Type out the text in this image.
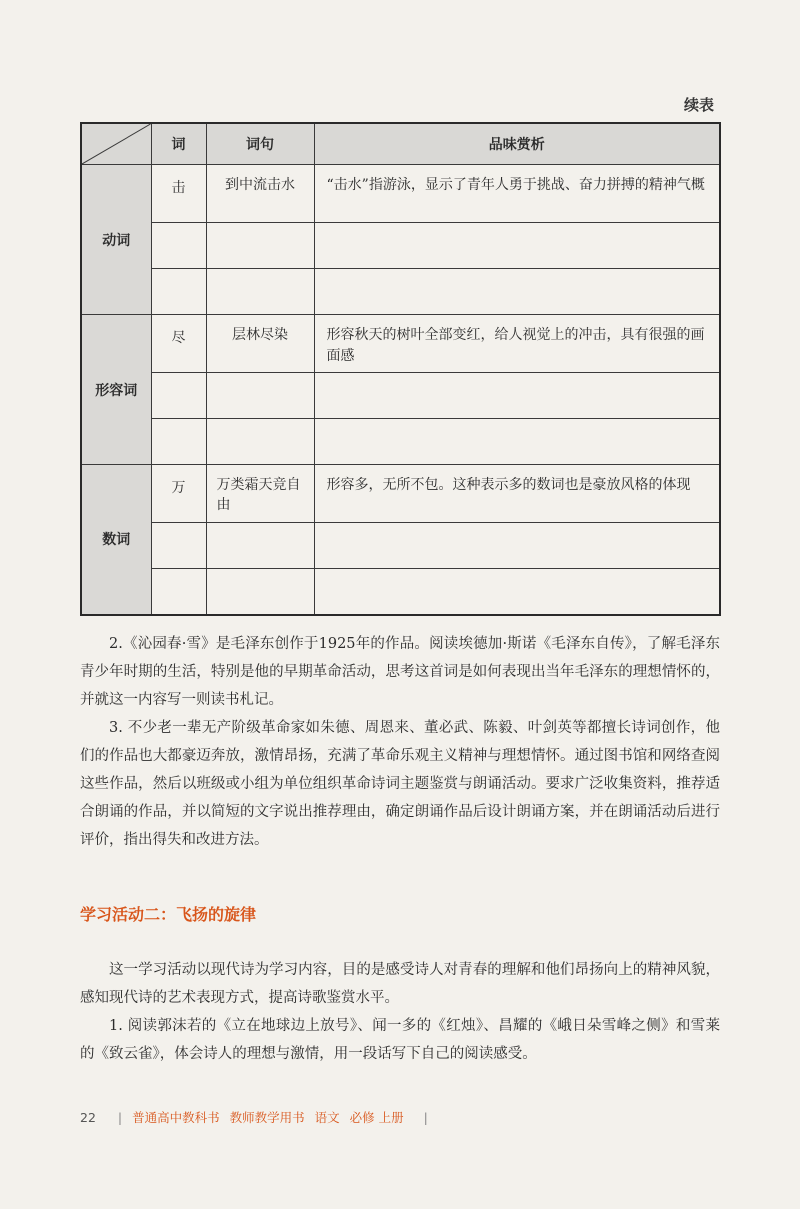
续表
	词	词句	品味赏析
动词	击	到中流击水	“击水”指游泳，显示了青年人勇于挑战、奋力拼搏的精神气概

形容词	尽	层林尽染	形容秋天的树叶全部变红，给人视觉上的冲击，具有很强的画面感

数词	万	万类霜天竞自由	形容多，无所不包。这种表示多的数词也是豪放风格的体现

2.《沁园春·雪》是毛泽东创作于1925年的作品。阅读埃德加·斯诺《毛泽东自传》，了解毛泽东青少年时期的生活，特别是他的早期革命活动，思考这首词是如何表现出当年毛泽东的理想情怀的，并就这一内容写一则读书札记。

3. 不少老一辈无产阶级革命家如朱德、周恩来、董必武、陈毅、叶剑英等都擅长诗词创作，他们的作品也大都豪迈奔放，激情昂扬，充满了革命乐观主义精神与理想情怀。通过图书馆和网络查阅这些作品，然后以班级或小组为单位组织革命诗词主题鉴赏与朗诵活动。要求广泛收集资料，推荐适合朗诵的作品，并以简短的文字说出推荐理由，确定朗诵作品后设计朗诵方案，并在朗诵活动后进行评价，指出得失和改进方法。

学习活动二：飞扬的旋律

这一学习活动以现代诗为学习内容，目的是感受诗人对青春的理解和他们昂扬向上的精神风貌，感知现代诗的艺术表现方式，提高诗歌鉴赏水平。

1. 阅读郭沫若的《立在地球边上放号》、闻一多的《红烛》、昌耀的《峨日朵雪峰之侧》和雪莱的《致云雀》，体会诗人的理想与激情，用一段话写下自己的阅读感受。

22 | 普通高中教科书 教师教学用书 语文 必修 上册 |
